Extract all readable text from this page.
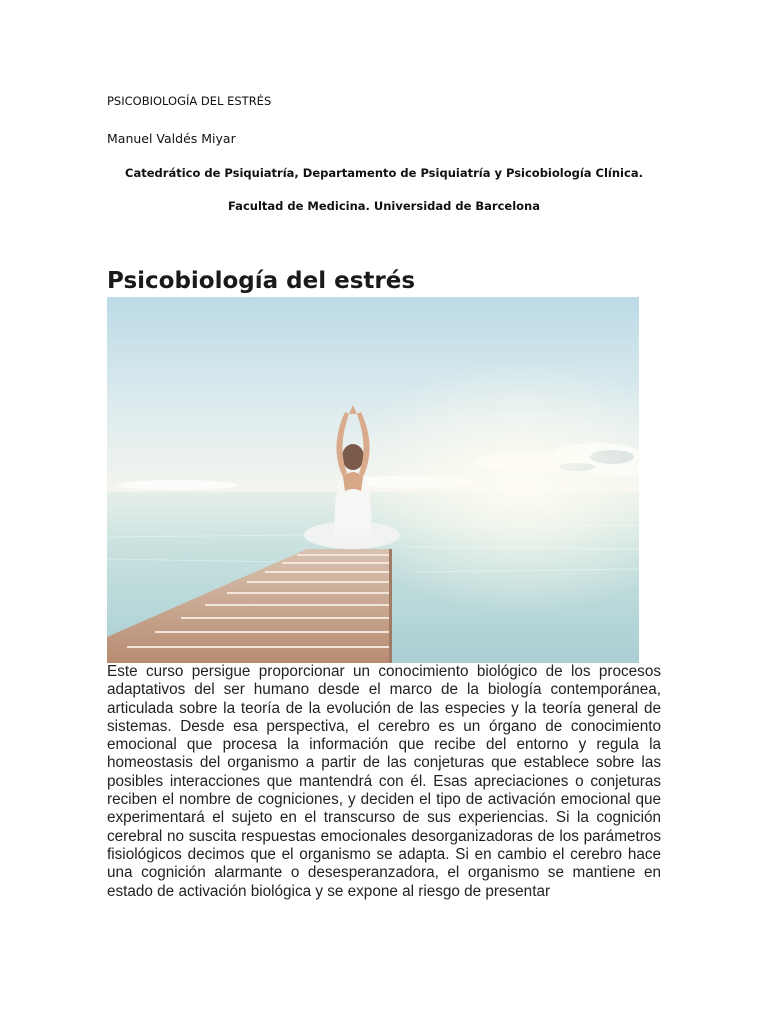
PSICOBIOLOGÍA DEL ESTRÉS
Manuel Valdés Miyar
Catedrático de Psiquiatría, Departamento de Psiquiatría y Psicobiología Clínica.
Facultad de Medicina. Universidad de Barcelona
Psicobiología del estrés

Este curso persigue proporcionar un conocimiento biológico de los procesos adaptativos del ser humano desde el marco de la biología contemporánea, articulada sobre la teoría de la evolución de las especies y la teoría general de sistemas. Desde esa perspectiva, el cerebro es un órgano de conocimiento emocional que procesa la información que recibe del entorno y regula la homeostasis del organismo a partir de las conjeturas que establece sobre las posibles interacciones que mantendrá con él. Esas apreciaciones o conjeturas reciben el nombre de cogniciones, y deciden el tipo de activación emocional que experimentará el sujeto en el transcurso de sus experiencias. Si la cognición cerebral no suscita respuestas emocionales desorganizadoras de los parámetros fisiológicos decimos que el organismo se adapta. Si en cambio el cerebro hace una cognición alarmante o desesperanzadora, el organismo se mantiene en estado de activación biológica y se expone al riesgo de presentar
